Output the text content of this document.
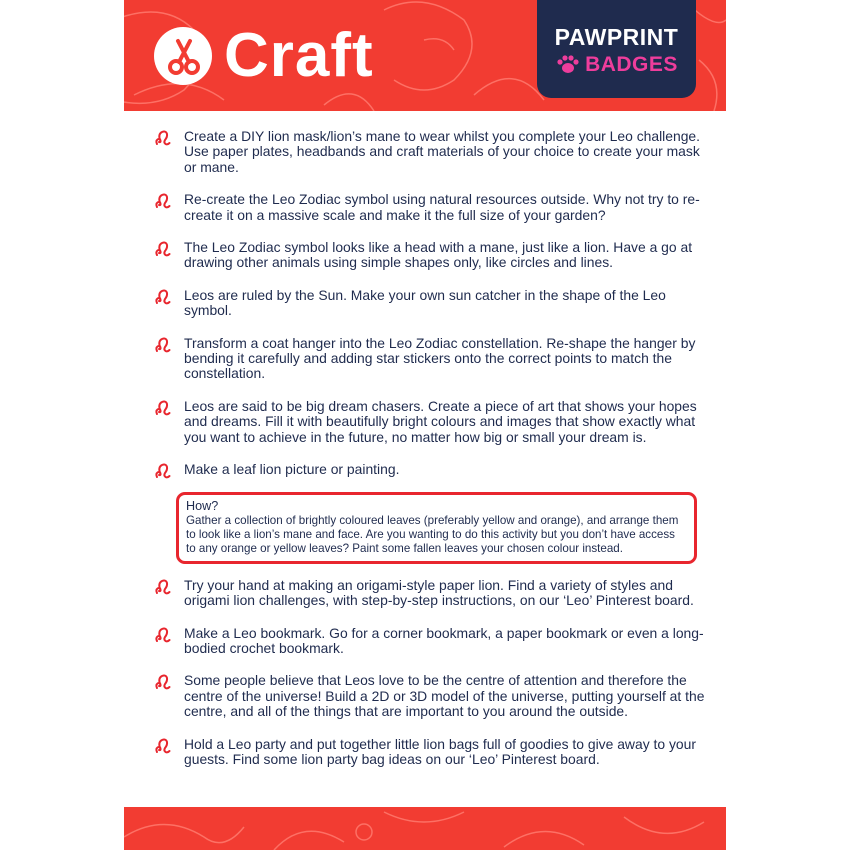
Craft	PAWPRINT
BADGES
Create a DIY lion mask/lion’s mane to wear whilst you complete your Leo challenge. Use paper plates, headbands and craft materials of your choice to create your mask or mane.
Re-create the Leo Zodiac symbol using natural resources outside. Why not try to re-create it on a massive scale and make it the full size of your garden?
The Leo Zodiac symbol looks like a head with a mane, just like a lion. Have a go at drawing other animals using simple shapes only, like circles and lines.
Leos are ruled by the Sun. Make your own sun catcher in the shape of the Leo symbol.
Transform a coat hanger into the Leo Zodiac constellation. Re-shape the hanger by bending it carefully and adding star stickers onto the correct points to match the constellation.
Leos are said to be big dream chasers. Create a piece of art that shows your hopes and dreams. Fill it with beautifully bright colours and images that show exactly what you want to achieve in the future, no matter how big or small your dream is.
Make a leaf lion picture or painting.
How?
Gather a collection of brightly coloured leaves (preferably yellow and orange), and arrange them to look like a lion’s mane and face. Are you wanting to do this activity but you don’t have access to any orange or yellow leaves? Paint some fallen leaves your chosen colour instead.
Try your hand at making an origami-style paper lion. Find a variety of styles and origami lion challenges, with step-by-step instructions, on our ‘Leo’ Pinterest board.
Make a Leo bookmark. Go for a corner bookmark, a paper bookmark or even a long-bodied crochet bookmark.
Some people believe that Leos love to be the centre of attention and therefore the centre of the universe! Build a 2D or 3D model of the universe, putting yourself at the centre, and all of the things that are important to you around the outside.
Hold a Leo party and put together little lion bags full of goodies to give away to your guests. Find some lion party bag ideas on our ‘Leo’ Pinterest board.
